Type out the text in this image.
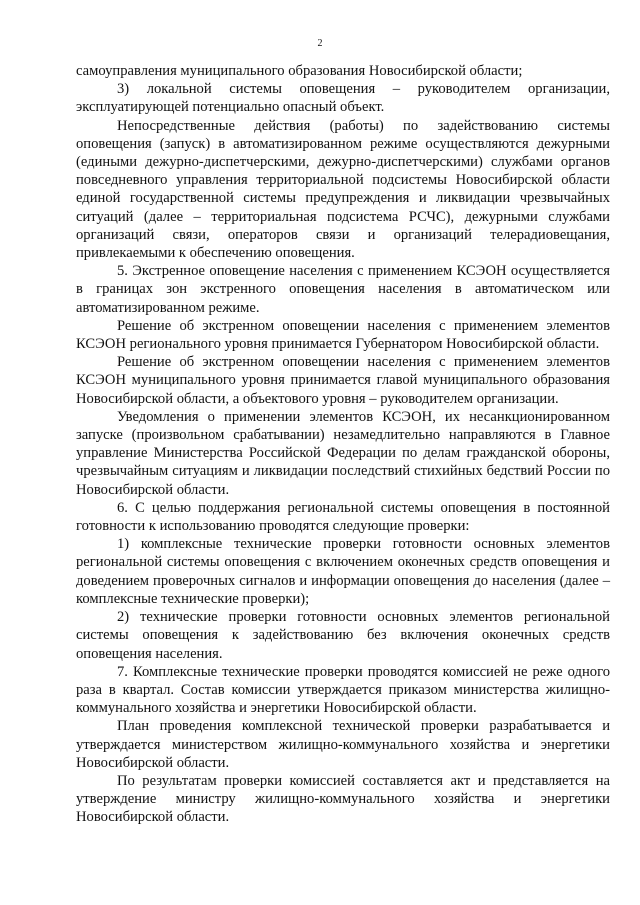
2

самоуправления муниципального образования Новосибирской области;

3) локальной системы оповещения – руководителем организации, эксплуатирующей потенциально опасный объект.

Непосредственные действия (работы) по задействованию системы оповещения (запуск) в автоматизированном режиме осуществляются дежурными (едиными дежурно-диспетчерскими, дежурно-диспетчерскими) службами органов повседневного управления территориальной подсистемы Новосибирской области единой государственной системы предупреждения и ликвидации чрезвычайных ситуаций (далее – территориальная подсистема РСЧС), дежурными службами организаций связи, операторов связи и организаций телерадиовещания, привлекаемыми к обеспечению оповещения.

5. Экстренное оповещение населения с применением КСЭОН осуществляется в границах зон экстренного оповещения населения в автоматическом или автоматизированном режиме.

Решение об экстренном оповещении населения с применением элементов КСЭОН регионального уровня принимается Губернатором Новосибирской области.

Решение об экстренном оповещении населения с применением элементов КСЭОН муниципального уровня принимается главой муниципального образования Новосибирской области, а объектового уровня – руководителем организации.

Уведомления о применении элементов КСЭОН, их несанкционированном запуске (произвольном срабатывании) незамедлительно направляются в Главное управление Министерства Российской Федерации по делам гражданской обороны, чрезвычайным ситуациям и ликвидации последствий стихийных бедствий России по Новосибирской области.

6. С целью поддержания региональной системы оповещения в постоянной готовности к использованию проводятся следующие проверки:

1) комплексные технические проверки готовности основных элементов региональной системы оповещения с включением оконечных средств оповещения и доведением проверочных сигналов и информации оповещения до населения (далее – комплексные технические проверки);

2) технические проверки готовности основных элементов региональной системы оповещения к задействованию без включения оконечных средств оповещения населения.

7. Комплексные технические проверки проводятся комиссией не реже одного раза в квартал. Состав комиссии утверждается приказом министерства жилищно-коммунального хозяйства и энергетики Новосибирской области.

План проведения комплексной технической проверки разрабатывается и утверждается министерством жилищно-коммунального хозяйства и энергетики Новосибирской области.

По результатам проверки комиссией составляется акт и представляется на утверждение министру жилищно-коммунального хозяйства и энергетики Новосибирской области.
